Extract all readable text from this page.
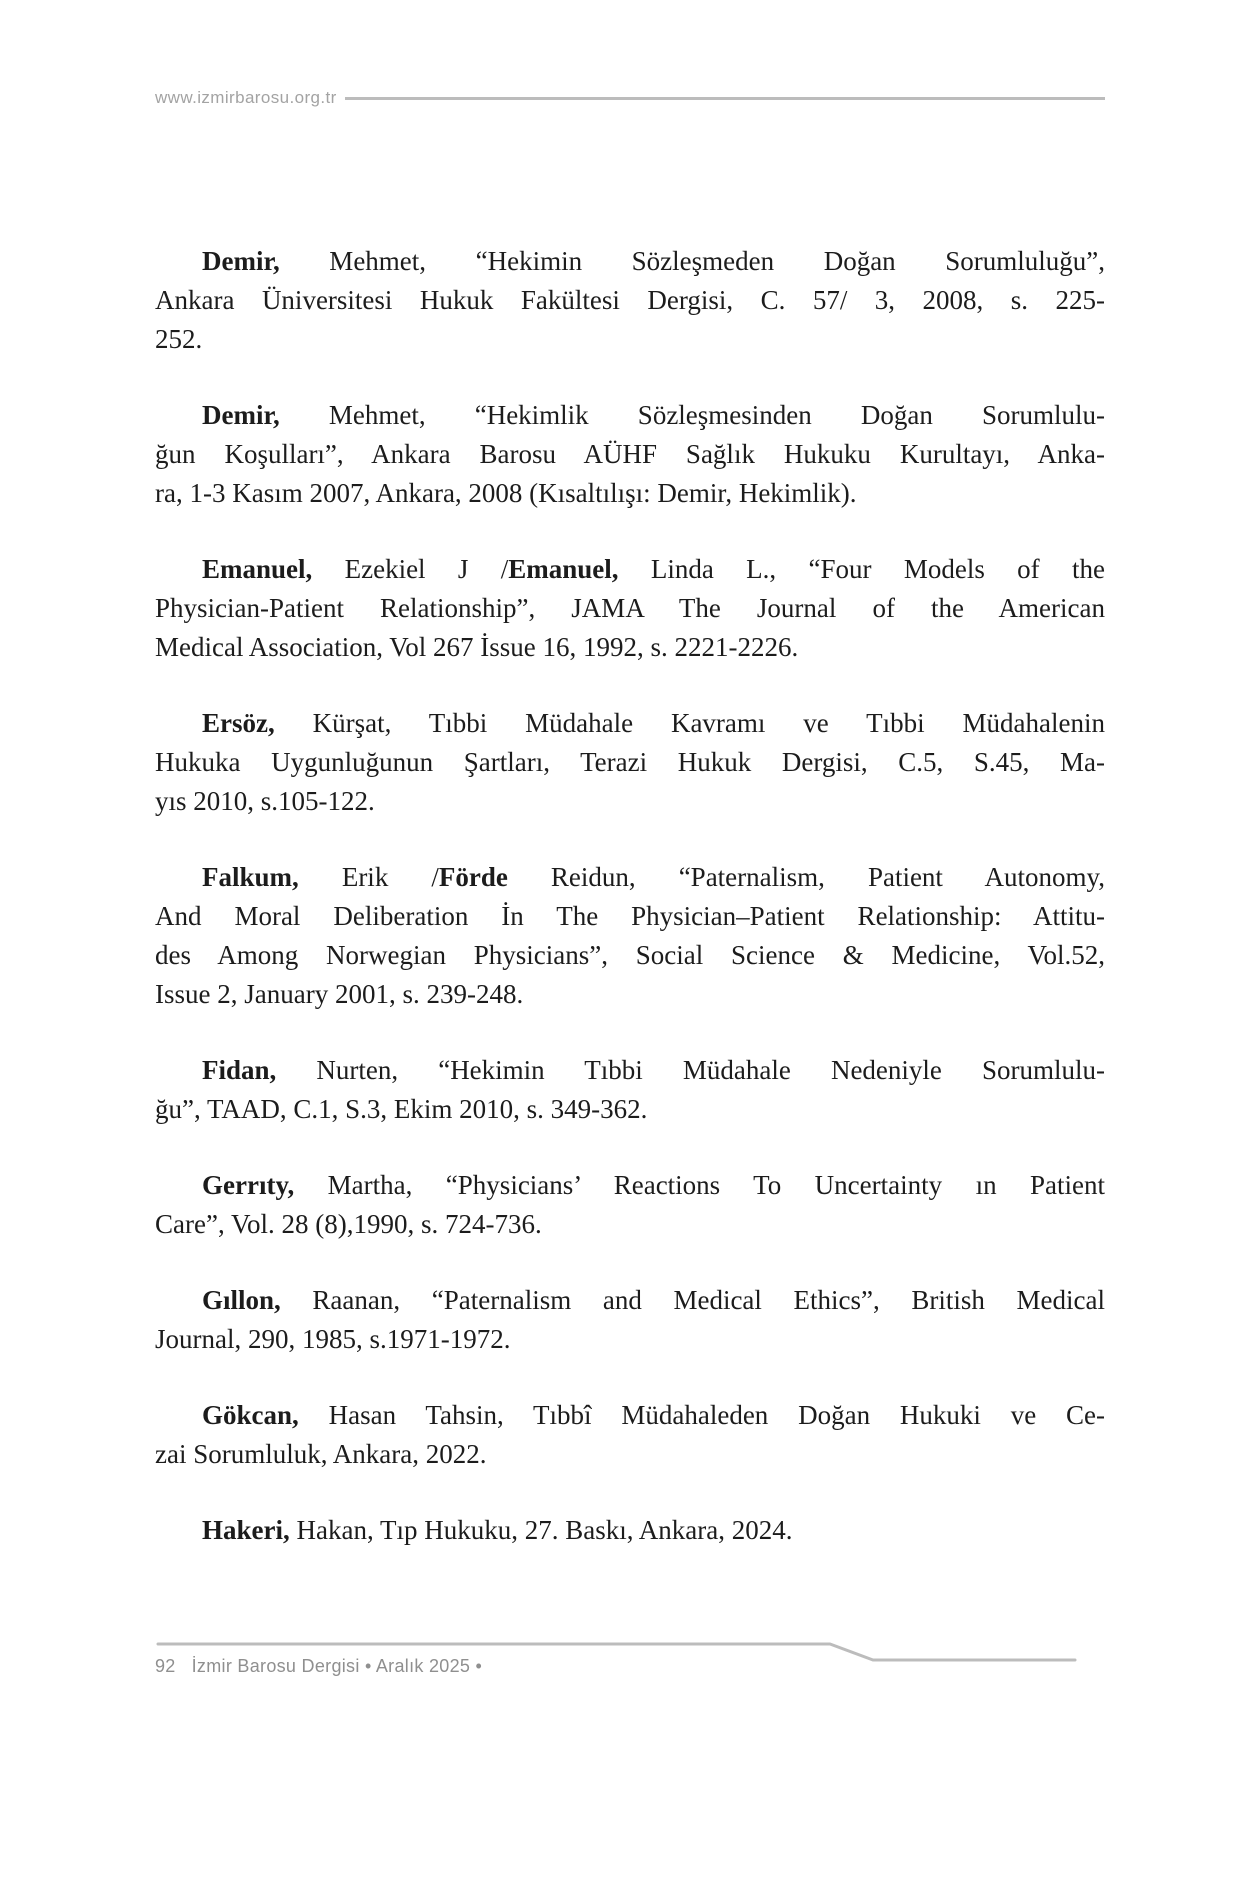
www.izmirbarosu.org.tr

Demir, Mehmet, “Hekimin Sözleşmeden Doğan Sorumluluğu”,
Ankara Üniversitesi Hukuk Fakültesi Dergisi, C. 57/ 3, 2008, s. 225-
252.

Demir, Mehmet, “Hekimlik Sözleşmesinden Doğan Sorumlulu-
ğun Koşulları”, Ankara Barosu AÜHF Sağlık Hukuku Kurultayı, Anka-
ra, 1-3 Kasım 2007, Ankara, 2008 (Kısaltılışı: Demir, Hekimlik).

Emanuel, Ezekiel J /Emanuel, Linda L., “Four Models of the
Physician-Patient Relationship”, JAMA The Journal of the American
Medical Association, Vol 267 İssue 16, 1992, s. 2221-2226.

Ersöz, Kürşat, Tıbbi Müdahale Kavramı ve Tıbbi Müdahalenin
Hukuka Uygunluğunun Şartları, Terazi Hukuk Dergisi, C.5, S.45, Ma-
yıs 2010, s.105-122.

Falkum, Erik /Förde Reidun, “Paternalism, Patient Autonomy,
And Moral Deliberation İn The Physician–Patient Relationship: Attitu-
des Among Norwegian Physicians”, Social Science & Medicine, Vol.52,
Issue 2, January 2001, s. 239-248.

Fidan, Nurten, “Hekimin Tıbbi Müdahale Nedeniyle Sorumlulu-
ğu”, TAAD, C.1, S.3, Ekim 2010, s. 349-362.

Gerrıty, Martha, “Physicians’ Reactions To Uncertainty ın Patient
Care”, Vol. 28 (8),1990, s. 724-736.

Gıllon, Raanan, “Paternalism and Medical Ethics”, British Medical
Journal, 290, 1985, s.1971-1972.

Gökcan, Hasan Tahsin, Tıbbî Müdahaleden Doğan Hukuki ve Ce-
zai Sorumluluk, Ankara, 2022.

Hakeri, Hakan, Tıp Hukuku, 27. Baskı, Ankara, 2024.

92 İzmir Barosu Dergisi • Aralık 2025 •
